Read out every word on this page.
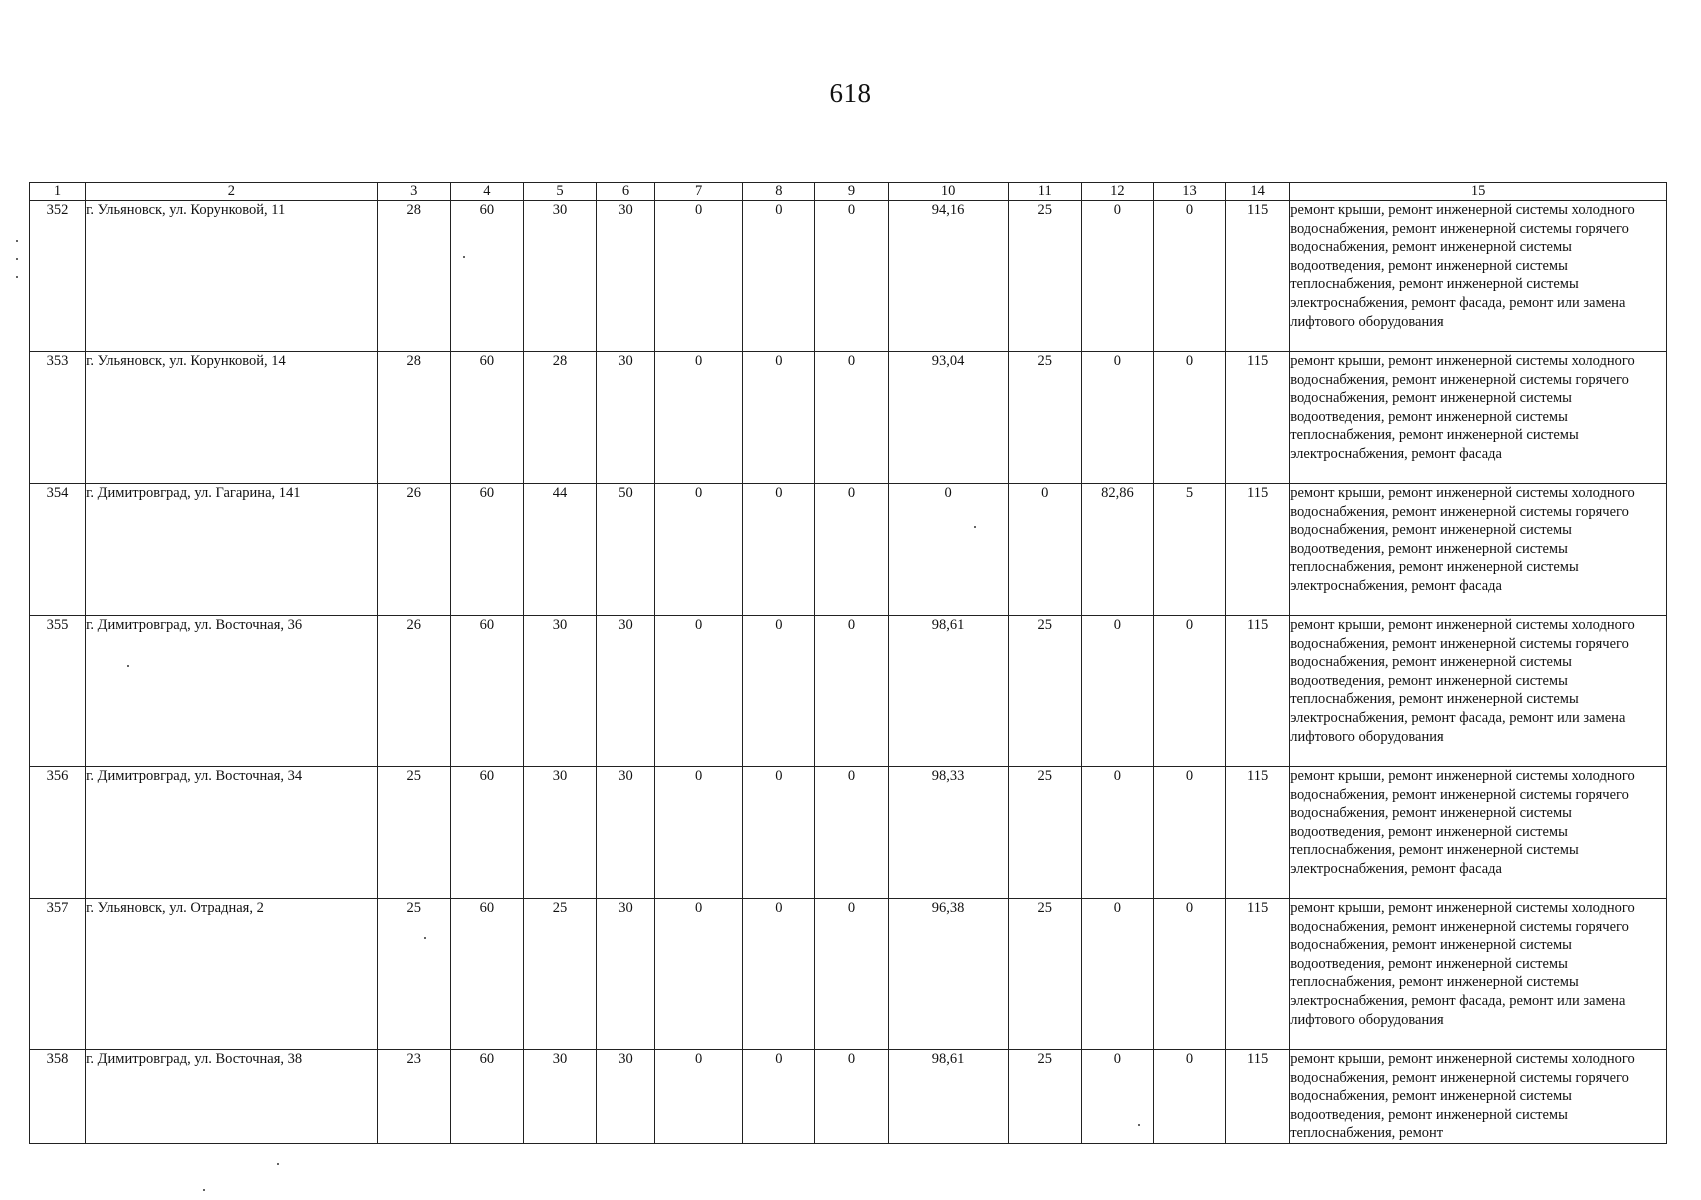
618
1	2	3	4	5	6	7	8	9	10	11	12	13	14	15
352	г. Ульяновск, ул. Корунковой, 11	28	60	30	30	0	0	0	94,16	25	0	0	115	ремонт крыши, ремонт инженерной системы холодного водоснабжения, ремонт инженерной системы горячего водоснабжения, ремонт инженерной системы водоотведения, ремонт инженерной системы теплоснабжения, ремонт инженерной системы электроснабжения, ремонт фасада, ремонт или замена лифтового оборудования
353	г. Ульяновск, ул. Корунковой, 14	28	60	28	30	0	0	0	93,04	25	0	0	115	ремонт крыши, ремонт инженерной системы холодного водоснабжения, ремонт инженерной системы горячего водоснабжения, ремонт инженерной системы водоотведения, ремонт инженерной системы теплоснабжения, ремонт инженерной системы электроснабжения, ремонт фасада
354	г. Димитровград, ул. Гагарина, 141	26	60	44	50	0	0	0	0	0	82,86	5	115	ремонт крыши, ремонт инженерной системы холодного водоснабжения, ремонт инженерной системы горячего водоснабжения, ремонт инженерной системы водоотведения, ремонт инженерной системы теплоснабжения, ремонт инженерной системы электроснабжения, ремонт фасада
355	г. Димитровград, ул. Восточная, 36	26	60	30	30	0	0	0	98,61	25	0	0	115	ремонт крыши, ремонт инженерной системы холодного водоснабжения, ремонт инженерной системы горячего водоснабжения, ремонт инженерной системы водоотведения, ремонт инженерной системы теплоснабжения, ремонт инженерной системы электроснабжения, ремонт фасада, ремонт или замена лифтового оборудования
356	г. Димитровград, ул. Восточная, 34	25	60	30	30	0	0	0	98,33	25	0	0	115	ремонт крыши, ремонт инженерной системы холодного водоснабжения, ремонт инженерной системы горячего водоснабжения, ремонт инженерной системы водоотведения, ремонт инженерной системы теплоснабжения, ремонт инженерной системы электроснабжения, ремонт фасада
357	г. Ульяновск, ул. Отрадная, 2	25	60	25	30	0	0	0	96,38	25	0	0	115	ремонт крыши, ремонт инженерной системы холодного водоснабжения, ремонт инженерной системы горячего водоснабжения, ремонт инженерной системы водоотведения, ремонт инженерной системы теплоснабжения, ремонт инженерной системы электроснабжения, ремонт фасада, ремонт или замена лифтового оборудования
358	г. Димитровград, ул. Восточная, 38	23	60	30	30	0	0	0	98,61	25	0	0	115	ремонт крыши, ремонт инженерной системы холодного водоснабжения, ремонт инженерной системы горячего водоснабжения, ремонт инженерной системы водоотведения, ремонт инженерной системы теплоснабжения, ремонт
